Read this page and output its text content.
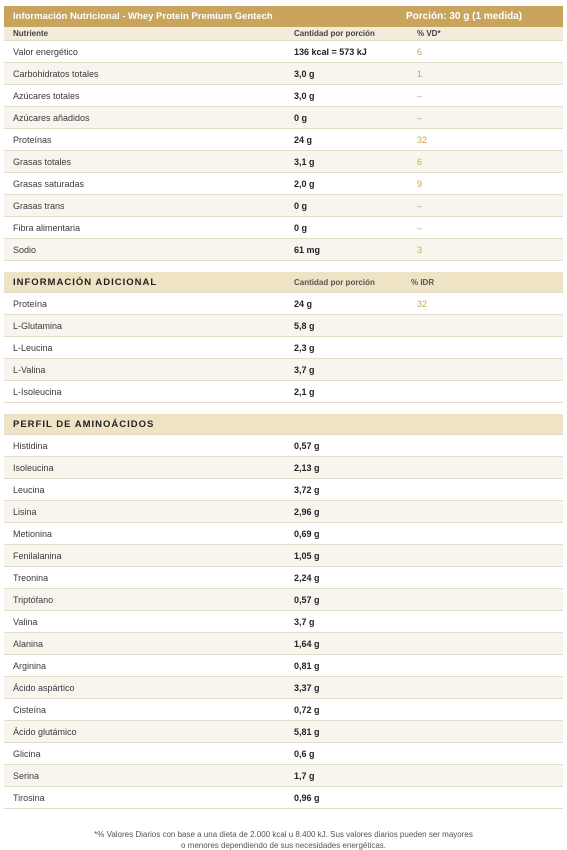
Información Nutricional - Whey Protein Premium Gentech	Porción: 30 g (1 medida)
Nutriente	Cantidad por porción	% VD*
Valor energético	136 kcal = 573 kJ	6
Carbohidratos totales	3,0 g	1
Azúcares totales	3,0 g	–
Azúcares añadidos	0 g	–
Proteínas	24 g	32
Grasas totales	3,1 g	6
Grasas saturadas	2,0 g	9
Grasas trans	0 g	–
Fibra alimentaria	0 g	–
Sodio	61 mg	3
INFORMACIÓN ADICIONAL	Cantidad por porción	% IDR
Proteína	24 g	32
L-Glutamina	5,8 g
L-Leucina	2,3 g
L-Valina	3,7 g
L-Isoleucina	2,1 g
PERFIL DE AMINOÁCIDOS
Histidina	0,57 g
Isoleucina	2,13 g
Leucina	3,72 g
Lisina	2,96 g
Metionina	0,69 g
Fenilalanina	1,05 g
Treonina	2,24 g
Triptófano	0,57 g
Valina	3,7 g
Alanina	1,64 g
Arginina	0,81 g
Ácido aspártico	3,37 g
Cisteína	0,72 g
Ácido glutámico	5,81 g
Glicina	0,6 g
Serina	1,7 g
Tirosina	0,96 g
*% Valores Diarios con base a una dieta de 2.000 kcal u 8.400 kJ. Sus valores diarios pueden ser mayores
o menores dependiendo de sus necesidades energéticas.
